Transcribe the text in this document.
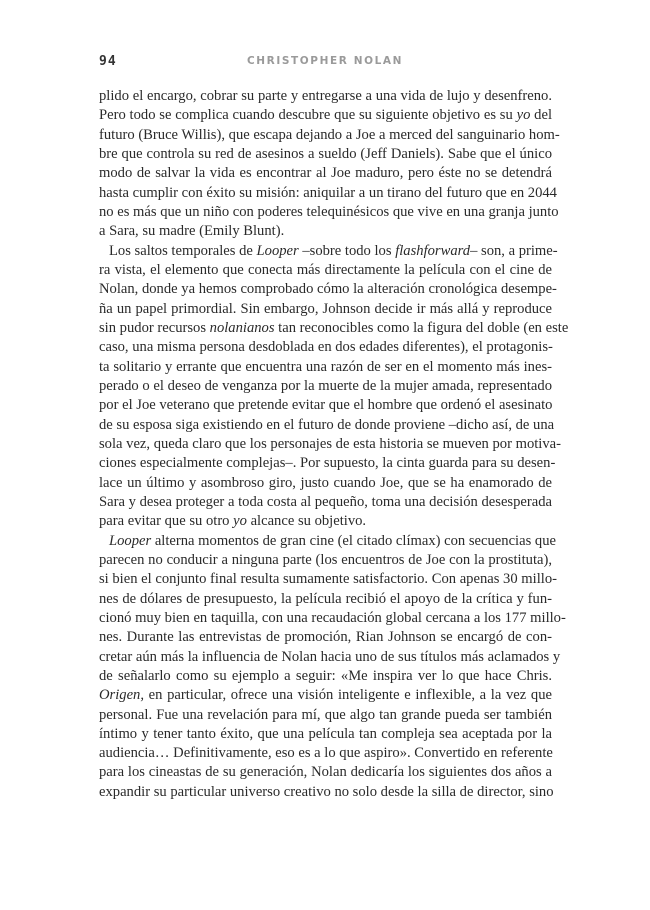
94	CHRISTOPHER NOLAN
plido el encargo, cobrar su parte y entregarse a una vida de lujo y desenfreno.
Pero todo se complica cuando descubre que su siguiente objetivo es su yo del
futuro (Bruce Willis), que escapa dejando a Joe a merced del sanguinario hom-
bre que controla su red de asesinos a sueldo (Jeff Daniels). Sabe que el único
modo de salvar la vida es encontrar al Joe maduro, pero éste no se detendrá
hasta cumplir con éxito su misión: aniquilar a un tirano del futuro que en 2044
no es más que un niño con poderes telequinésicos que vive en una granja junto
a Sara, su madre (Emily Blunt).
Los saltos temporales de Looper –sobre todo los flashforward– son, a prime-
ra vista, el elemento que conecta más directamente la película con el cine de
Nolan, donde ya hemos comprobado cómo la alteración cronológica desempe-
ña un papel primordial. Sin embargo, Johnson decide ir más allá y reproduce
sin pudor recursos nolanianos tan reconocibles como la figura del doble (en este
caso, una misma persona desdoblada en dos edades diferentes), el protagonis-
ta solitario y errante que encuentra una razón de ser en el momento más ines-
perado o el deseo de venganza por la muerte de la mujer amada, representado
por el Joe veterano que pretende evitar que el hombre que ordenó el asesinato
de su esposa siga existiendo en el futuro de donde proviene –dicho así, de una
sola vez, queda claro que los personajes de esta historia se mueven por motiva-
ciones especialmente complejas–. Por supuesto, la cinta guarda para su desen-
lace un último y asombroso giro, justo cuando Joe, que se ha enamorado de
Sara y desea proteger a toda costa al pequeño, toma una decisión desesperada
para evitar que su otro yo alcance su objetivo.
Looper alterna momentos de gran cine (el citado clímax) con secuencias que
parecen no conducir a ninguna parte (los encuentros de Joe con la prostituta),
si bien el conjunto final resulta sumamente satisfactorio. Con apenas 30 millo-
nes de dólares de presupuesto, la película recibió el apoyo de la crítica y fun-
cionó muy bien en taquilla, con una recaudación global cercana a los 177 millo-
nes. Durante las entrevistas de promoción, Rian Johnson se encargó de con-
cretar aún más la influencia de Nolan hacia uno de sus títulos más aclamados y
de señalarlo como su ejemplo a seguir: «Me inspira ver lo que hace Chris.
Origen, en particular, ofrece una visión inteligente e inflexible, a la vez que
personal. Fue una revelación para mí, que algo tan grande pueda ser también
íntimo y tener tanto éxito, que una película tan compleja sea aceptada por la
audiencia… Definitivamente, eso es a lo que aspiro». Convertido en referente
para los cineastas de su generación, Nolan dedicaría los siguientes dos años a
expandir su particular universo creativo no solo desde la silla de director, sino
